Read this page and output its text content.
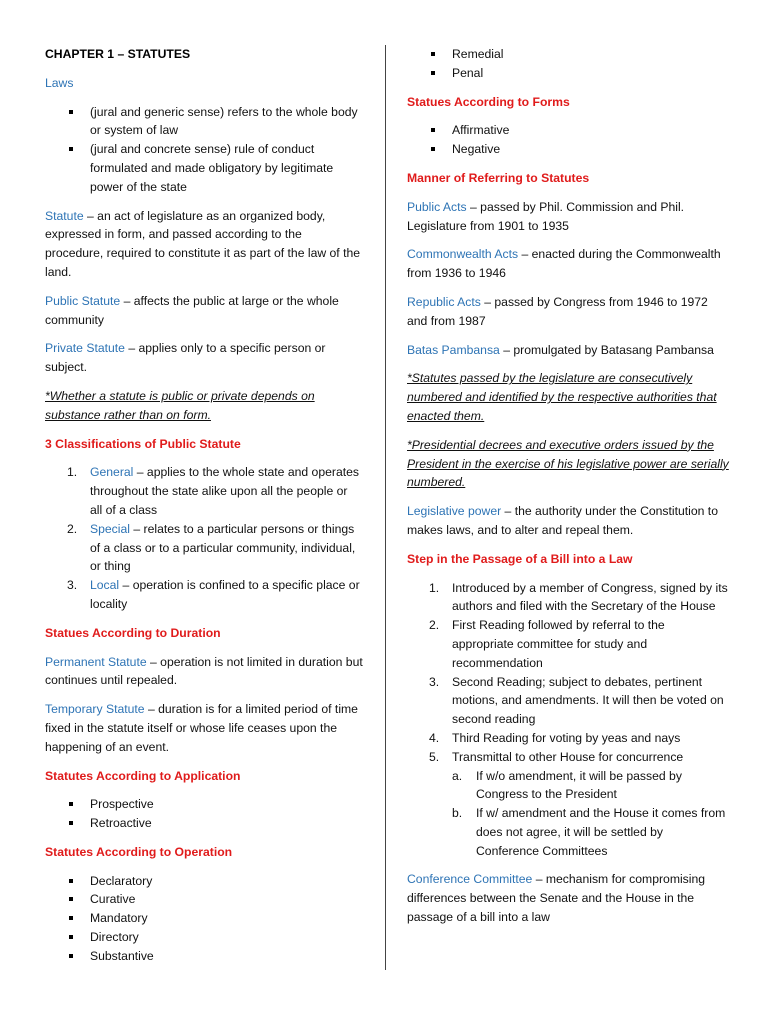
CHAPTER 1 – STATUTES

Laws

(jural and generic sense) refers to the whole body or system of law
(jural and concrete sense) rule of conduct formulated and made obligatory by legitimate power of the state

Statute – an act of legislature as an organized body, expressed in form, and passed according to the procedure, required to constitute it as part of the law of the land.

Public Statute – affects the public at large or the whole community

Private Statute – applies only to a specific person or subject.

*Whether a statute is public or private depends on substance rather than on form.

3 Classifications of Public Statute

1. General – applies to the whole state and operates throughout the state alike upon all the people or all of a class
2. Special – relates to a particular persons or things of a class or to a particular community, individual, or thing
3. Local – operation is confined to a specific place or locality

Statues According to Duration

Permanent Statute – operation is not limited in duration but continues until repealed.

Temporary Statute – duration is for a limited period of time fixed in the statute itself or whose life ceases upon the happening of an event.

Statutes According to Application

Prospective
Retroactive

Statutes According to Operation

Declaratory
Curative
Mandatory
Directory
Substantive
Remedial
Penal

Statues According to Forms

Affirmative
Negative

Manner of Referring to Statutes

Public Acts – passed by Phil. Commission and Phil. Legislature from 1901 to 1935

Commonwealth Acts – enacted during the Commonwealth from 1936 to 1946

Republic Acts – passed by Congress from 1946 to 1972 and from 1987

Batas Pambansa – promulgated by Batasang Pambansa

*Statutes passed by the legislature are consecutively numbered and identified by the respective authorities that enacted them.

*Presidential decrees and executive orders issued by the President in the exercise of his legislative power are serially numbered.

Legislative power – the authority under the Constitution to makes laws, and to alter and repeal them.

Step in the Passage of a Bill into a Law

1. Introduced by a member of Congress, signed by its authors and filed with the Secretary of the House
2. First Reading followed by referral to the appropriate committee for study and recommendation
3. Second Reading; subject to debates, pertinent motions, and amendments. It will then be voted on second reading
4. Third Reading for voting by yeas and nays
5. Transmittal to other House for concurrence
a. If w/o amendment, it will be passed by Congress to the President
b. If w/ amendment and the House it comes from does not agree, it will be settled by Conference Committees

Conference Committee – mechanism for compromising differences between the Senate and the House in the passage of a bill into a law
